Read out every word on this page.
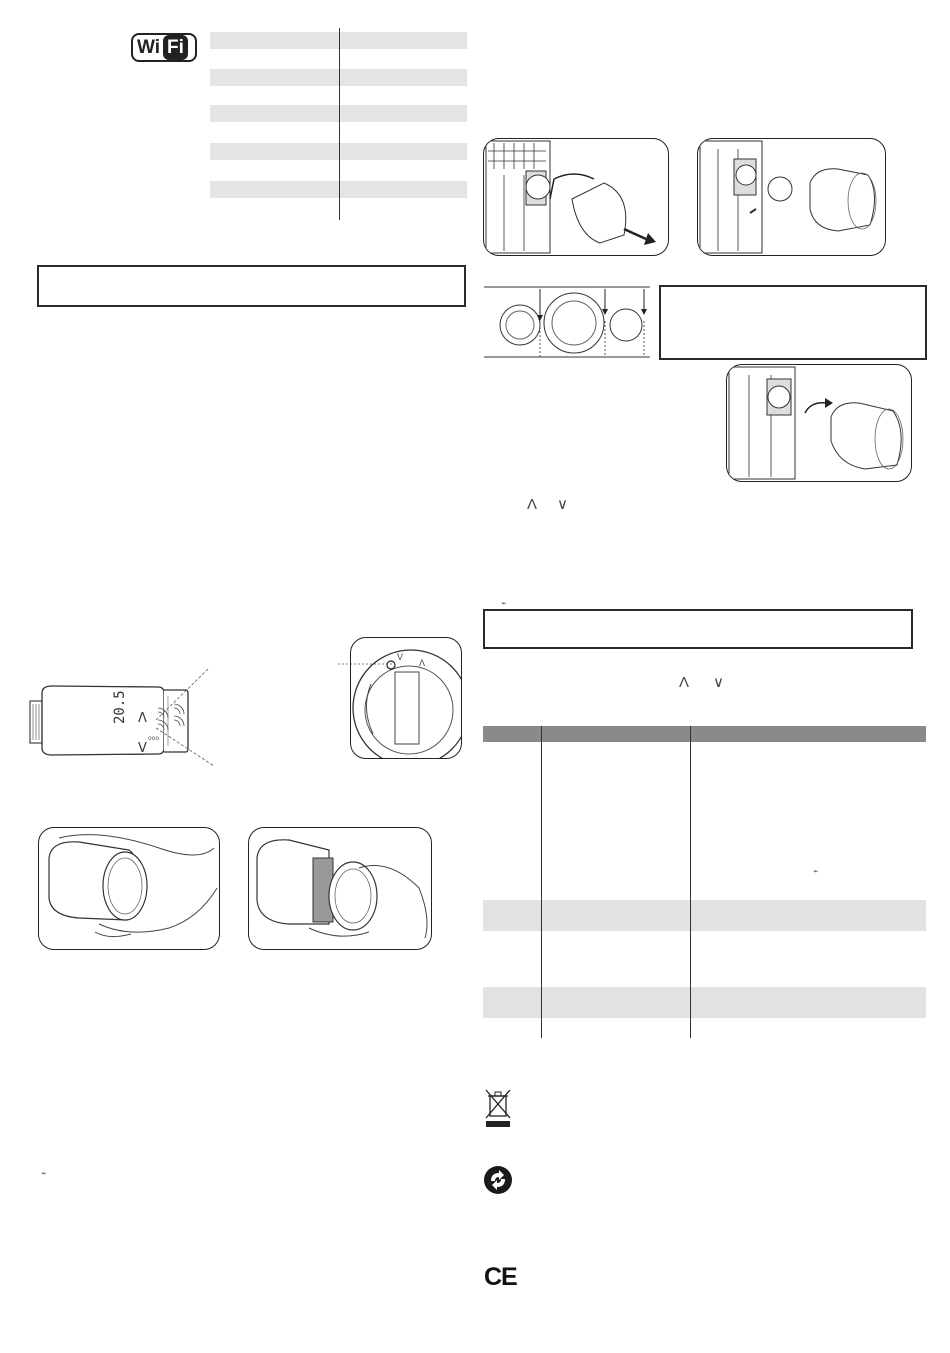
Wi Fi
20.5 Λ
V
ooo
V
Λ
⌁
Λ ∨
⌁
Λ ∨
⌁
CE
